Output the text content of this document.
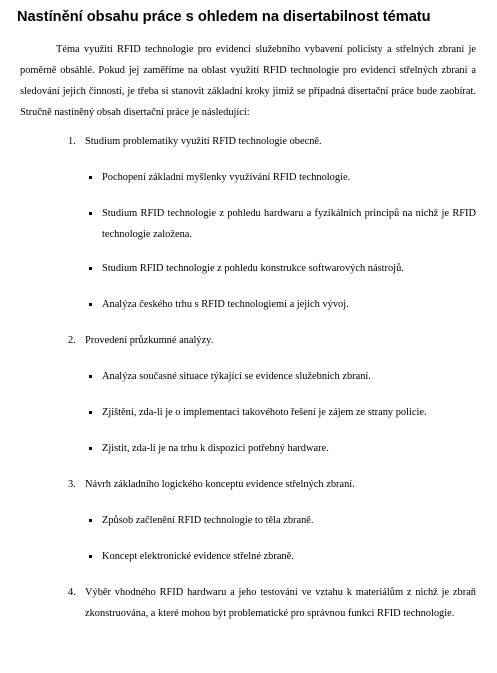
Nastínění obsahu práce s ohledem na disertabilnost tématu

Téma využití RFID technologie pro evidenci služebního vybavení policisty a střelných zbraní je poměrně obsáhlé. Pokud jej zaměříme na oblast využití RFID technologie pro evidenci střelných zbraní a sledování jejich činností, je třeba si stanovit základní kroky jimiž se případná disertační práce bude zaobírat. Stručně nastíněný obsah disertační práce je následující:

1. Studium problematiky využití RFID technologie obecně.
Pochopení základní myšlenky využívání RFID technologie.
Studium RFID technologie z pohledu hardwaru a fyzikálních principů na nichž je RFID technologie založena.
Studium RFID technologie z pohledu konstrukce softwarových nástrojů.
Analýza českého trhu s RFID technologiemi a jejich vývoj.
2. Provedení průzkumné analýzy.
Analýza současné situace týkající se evidence služebních zbraní.
Zjištění, zda-li je o implementaci takovéhoto řešení je zájem ze strany policie.
Zjistit, zda-li je na trhu k dispozici potřebný hardware.
3. Návrh základního logického konceptu evidence střelných zbraní.
Způsob začlenění RFID technologie to těla zbraně.
Koncept elektronické evidence střelné zbraně.
4. Výběr vhodného RFID hardwaru a jeho testování ve vztahu k materiálům z nichž je zbraň zkonstruována, a které mohou být problematické pro správnou funkci RFID technologie.
